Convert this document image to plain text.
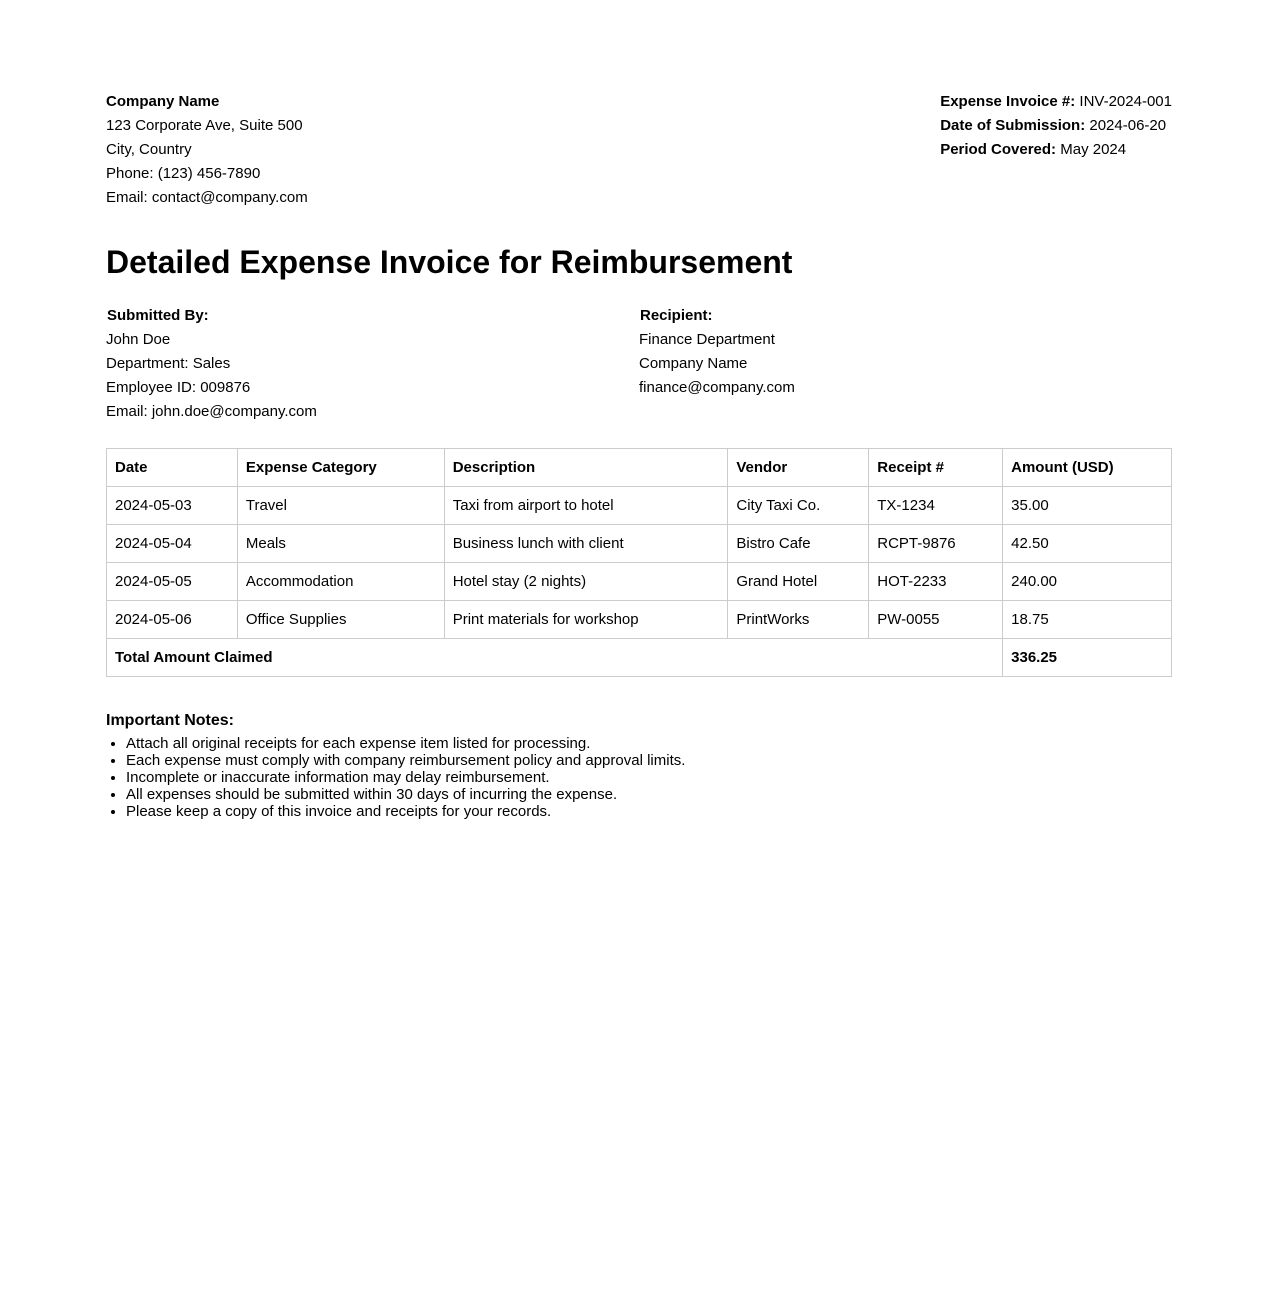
Company Name
123 Corporate Ave, Suite 500
City, Country
Phone: (123) 456-7890
Email: contact@company.com
Expense Invoice #: INV-2024-001
Date of Submission: 2024-06-20
Period Covered: May 2024
Detailed Expense Invoice for Reimbursement
Submitted By:
John Doe
Department: Sales
Employee ID: 009876
Email: john.doe@company.com
Recipient:
Finance Department
Company Name
finance@company.com
Date	Expense Category	Description	Vendor	Receipt #	Amount (USD)
2024-05-03	Travel	Taxi from airport to hotel	City Taxi Co.	TX-1234	35.00
2024-05-04	Meals	Business lunch with client	Bistro Cafe	RCPT-9876	42.50
2024-05-05	Accommodation	Hotel stay (2 nights)	Grand Hotel	HOT-2233	240.00
2024-05-06	Office Supplies	Print materials for workshop	PrintWorks	PW-0055	18.75
Total Amount Claimed					336.25
Important Notes:
• Attach all original receipts for each expense item listed for processing.
• Each expense must comply with company reimbursement policy and approval limits.
• Incomplete or inaccurate information may delay reimbursement.
• All expenses should be submitted within 30 days of incurring the expense.
• Please keep a copy of this invoice and receipts for your records.
